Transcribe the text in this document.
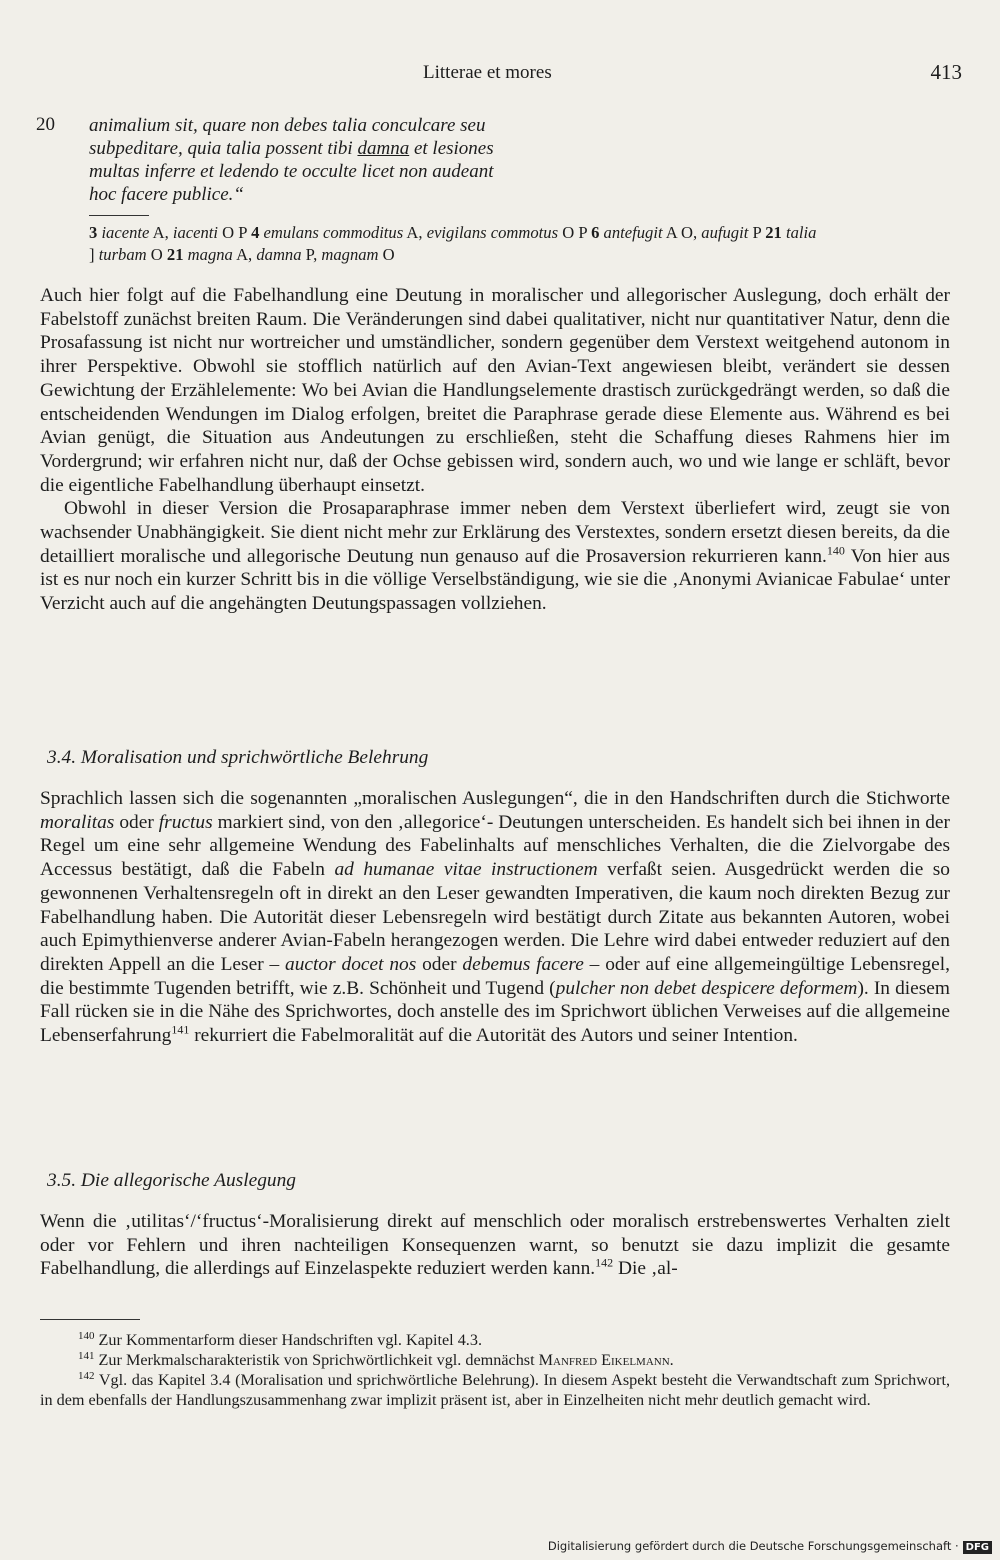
Litterae et mores	413
20 animalium sit, quare non debes talia conculcare seu
subpeditare, quia talia possent tibi damna et lesiones
multas inferre et ledendo te occulte licet non audeant
hoc facere publice.“
3 iacente A, iacenti O P 4 emulans commoditus A, evigilans commotus O P 6 antefugit A O, aufugit P 21 talia
] turbam O 21 magna A, damna P, magnam O

Auch hier folgt auf die Fabelhandlung eine Deutung in moralischer und allegorischer Auslegung, doch erhält der Fabelstoff zunächst breiten Raum. Die Veränderungen sind dabei qualitativer, nicht nur quantitativer Natur, denn die Prosafassung ist nicht nur wortreicher und umständlicher, sondern gegenüber dem Verstext weitgehend autonom in ihrer Perspektive. Obwohl sie stofflich natürlich auf den Avian-Text angewiesen bleibt, verändert sie dessen Gewichtung der Erzählelemente: Wo bei Avian die Handlungselemente drastisch zurückgedrängt werden, so daß die entscheidenden Wendungen im Dialog erfolgen, breitet die Paraphrase gerade diese Elemente aus. Während es bei Avian genügt, die Situation aus Andeutungen zu erschließen, steht die Schaffung dieses Rahmens hier im Vordergrund; wir erfahren nicht nur, daß der Ochse gebissen wird, sondern auch, wo und wie lange er schläft, bevor die eigentliche Fabelhandlung überhaupt einsetzt.

Obwohl in dieser Version die Prosaparaphrase immer neben dem Verstext überliefert wird, zeugt sie von wachsender Unabhängigkeit. Sie dient nicht mehr zur Erklärung des Verstextes, sondern ersetzt diesen bereits, da die detailliert moralische und allegorische Deutung nun genauso auf die Prosaversion rekurrieren kann.$^{140}$ Von hier aus ist es nur noch ein kurzer Schritt bis in die völlige Verselbständigung, wie sie die ‚Anonymi Avianicae Fabulae‘ unter Verzicht auch auf die angehängten Deutungspassagen vollziehen.

3.4. Moralisation und sprichwörtliche Belehrung

Sprachlich lassen sich die sogenannten „moralischen Auslegungen“, die in den Handschriften durch die Stichworte moralitas oder fructus markiert sind, von den ‚allegorice‘- Deutungen unterscheiden. Es handelt sich bei ihnen in der Regel um eine sehr allgemeine Wendung des Fabelinhalts auf menschliches Verhalten, die die Zielvorgabe des Accessus bestätigt, daß die Fabeln ad humanae vitae instructionem verfaßt seien. Ausgedrückt werden die so gewonnenen Verhaltensregeln oft in direkt an den Leser gewandten Imperativen, die kaum noch direkten Bezug zur Fabelhandlung haben. Die Autorität dieser Lebensregeln wird bestätigt durch Zitate aus bekannten Autoren, wobei auch Epimythienverse anderer Avian-Fabeln herangezogen werden. Die Lehre wird dabei entweder reduziert auf den direkten Appell an die Leser – auctor docet nos oder debemus facere – oder auf eine allgemeingültige Lebensregel, die bestimmte Tugenden betrifft, wie z.B. Schönheit und Tugend (pulcher non debet despicere deformem). In diesem Fall rücken sie in die Nähe des Sprichwortes, doch anstelle des im Sprichwort üblichen Verweises auf die allgemeine Lebenserfahrung$^{141}$ rekurriert die Fabelmoralität auf die Autorität des Autors und seiner Intention.

3.5. Die allegorische Auslegung

Wenn die ‚utilitas‘/‘fructus‘-Moralisierung direkt auf menschlich oder moralisch erstrebenswertes Verhalten zielt oder vor Fehlern und ihren nachteiligen Konsequenzen warnt, so benutzt sie dazu implizit die gesamte Fabelhandlung, die allerdings auf Einzelaspekte reduziert werden kann.$^{142}$ Die ‚al-

$^{140}$ Zur Kommentarform dieser Handschriften vgl. Kapitel 4.3.

$^{141}$ Zur Merkmalscharakteristik von Sprichwörtlichkeit vgl. demnächst Manfred Eikelmann.

$^{142}$ Vgl. das Kapitel 3.4 (Moralisation und sprichwörtliche Belehrung). In diesem Aspekt besteht die Verwandtschaft zum Sprichwort, in dem ebenfalls der Handlungszusammenhang zwar implizit präsent ist, aber in Einzelheiten nicht mehr deutlich gemacht wird.

Digitalisierung gefördert durch die Deutsche Forschungsgemeinschaft · DFG
